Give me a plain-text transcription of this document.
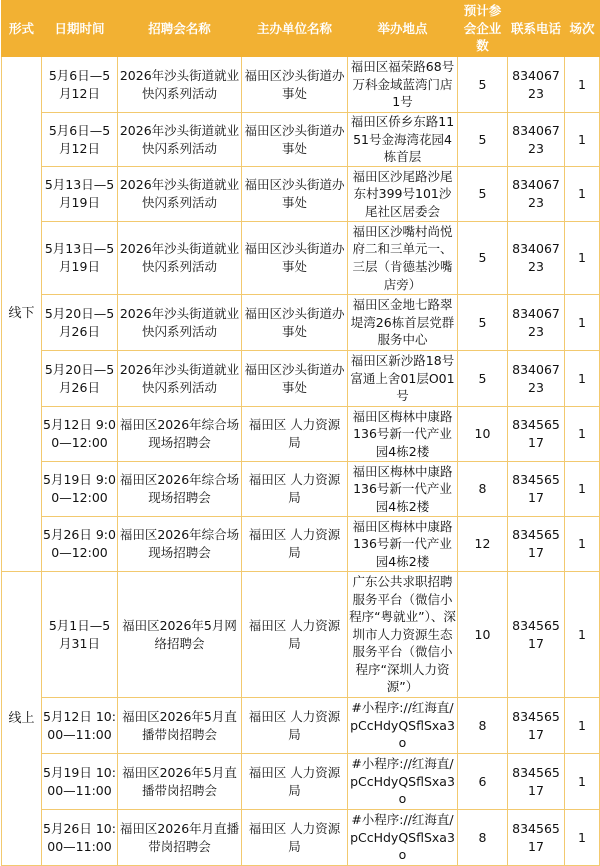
形式	日期时间	招聘会名称	主办单位名称	举办地点	预计参会企业数	联系电话	场次
线下	5月6日—5月12日	2026年沙头街道就业快闪系列活动	福田区沙头街道办事处	福田区福荣路68号万科金域蓝湾门店1号	5	83406723	1
	5月6日—5月12日	2026年沙头街道就业快闪系列活动	福田区沙头街道办事处	福田区侨乡东路1151号金海湾花园4栋首层	5	83406723	1
	5月13日—5月19日	2026年沙头街道就业快闪系列活动	福田区沙头街道办事处	福田区沙尾路沙尾东村399号101沙尾社区居委会	5	83406723	1
	5月13日—5月19日	2026年沙头街道就业快闪系列活动	福田区沙头街道办事处	福田区沙嘴村尚悦府二和三单元一、三层（肯德基沙嘴店旁）	5	83406723	1
	5月20日—5月26日	2026年沙头街道就业快闪系列活动	福田区沙头街道办事处	福田区金地七路翠堤湾26栋首层党群服务中心	5	83406723	1
	5月20日—5月26日	2026年沙头街道就业快闪系列活动	福田区沙头街道办事处	福田区新沙路18号富通上舍01层O01号	5	83406723	1
	5月12日 9:00—12:00	福田区2026年综合场现场招聘会	福田区 人力资源局	福田区梅林中康路136号新一代产业园4栋2楼	10	83456517	1
	5月19日 9:00—12:00	福田区2026年综合场现场招聘会	福田区 人力资源局	福田区梅林中康路136号新一代产业园4栋2楼	8	83456517	1
	5月26日 9:00—12:00	福田区2026年综合场现场招聘会	福田区 人力资源局	福田区梅林中康路136号新一代产业园4栋2楼	12	83456517	1
线上	5月1日—5月31日	福田区2026年5月网络招聘会	福田区 人力资源局	广东公共求职招聘服务平台（微信小程序“粤就业”）、深圳市人力资源生态服务平台（微信小程序“深圳人力资源”）	10	83456517	1
	5月12日 10:00—11:00	福田区2026年5月直播带岗招聘会	福田区 人力资源局	#小程序://红海直/pCcHdyQSflSxa3o	8	83456517	1
	5月19日 10:00—11:00	福田区2026年5月直播带岗招聘会	福田区 人力资源局	#小程序://红海直/pCcHdyQSflSxa3o	6	83456517	1
	5月26日 10:00—11:00	福田区2026年月直播带岗招聘会	福田区 人力资源局	#小程序://红海直/pCcHdyQSflSxa3o	8	83456517	1
